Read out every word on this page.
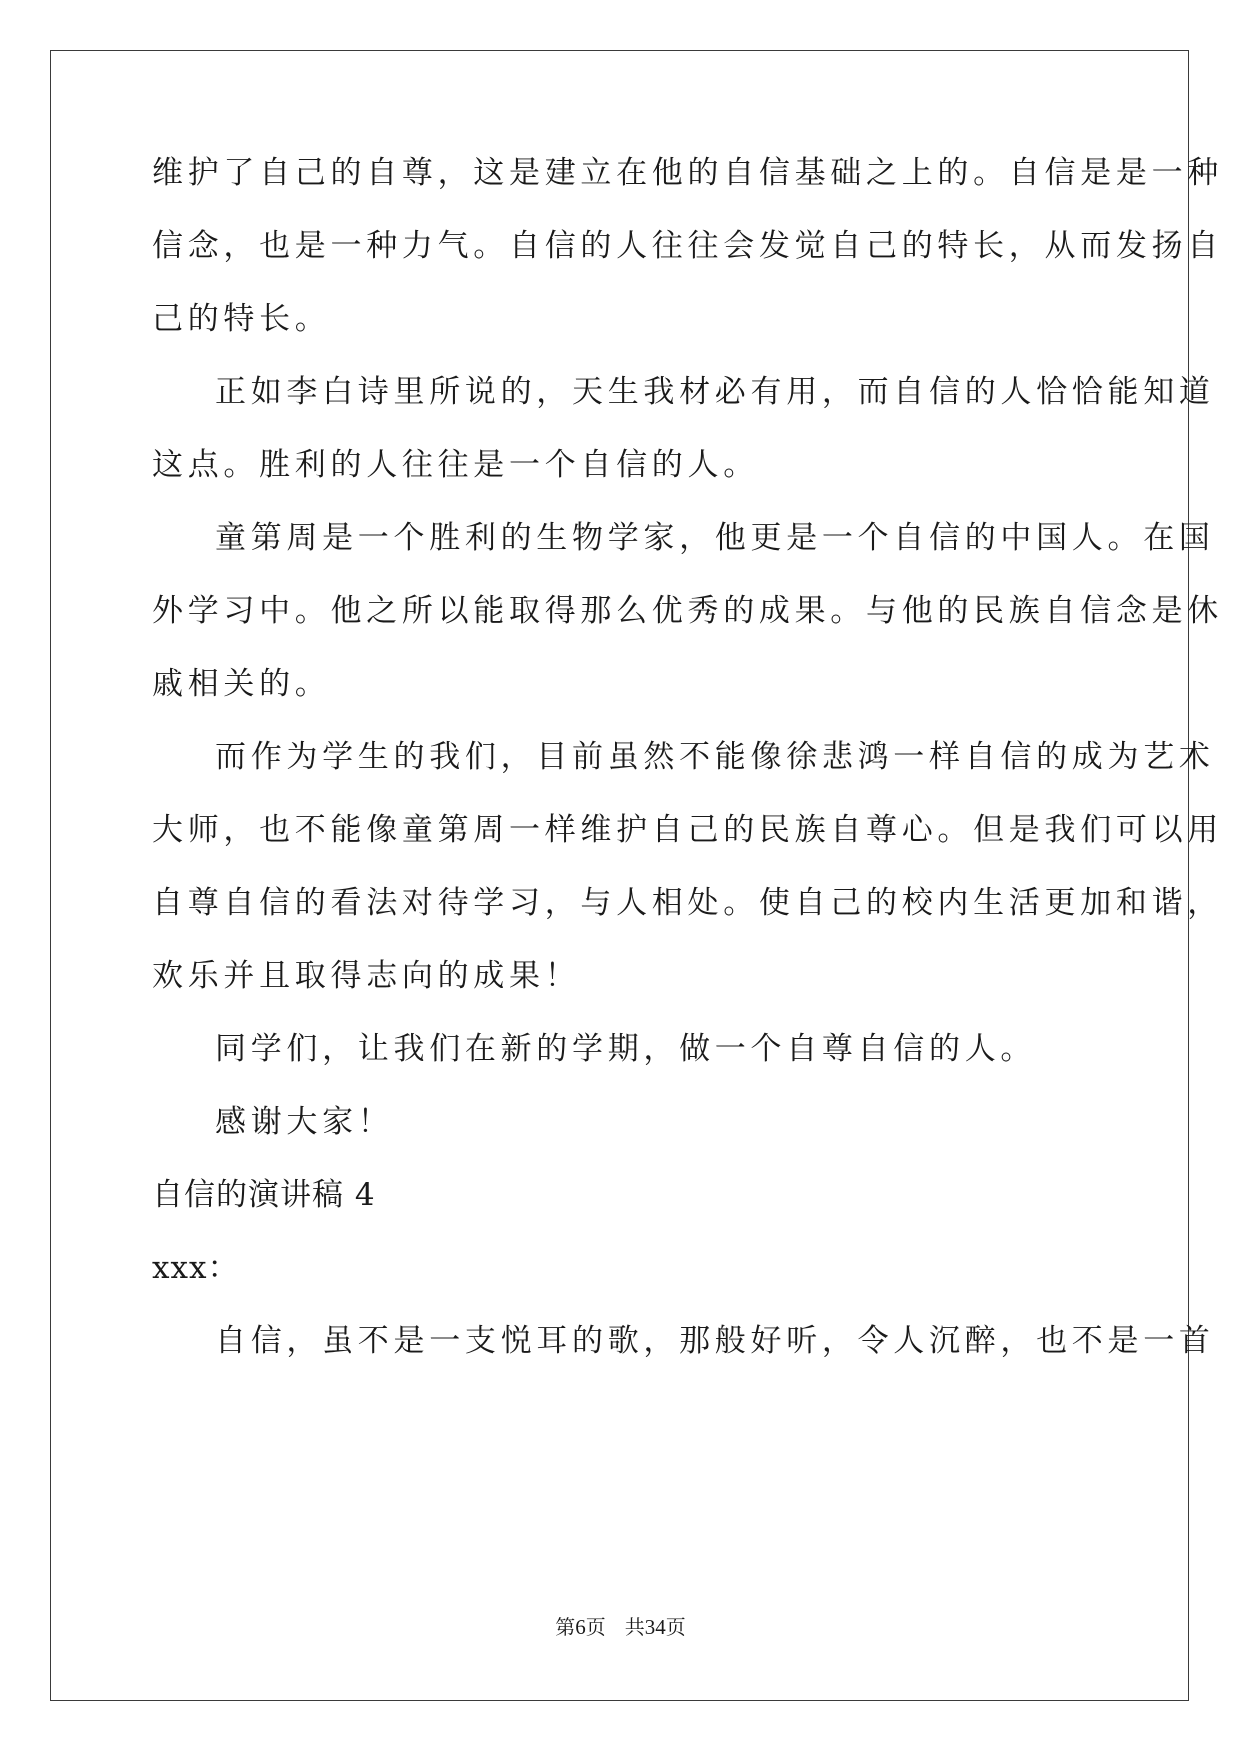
维护了自己的自尊，这是建立在他的自信基础之上的。自信是是一种
信念，也是一种力气。自信的人往往会发觉自己的特长，从而发扬自
己的特长。
正如李白诗里所说的，天生我材必有用，而自信的人恰恰能知道
这点。胜利的人往往是一个自信的人。
童第周是一个胜利的生物学家，他更是一个自信的中国人。在国
外学习中。他之所以能取得那么优秀的成果。与他的民族自信念是休
戚相关的。
而作为学生的我们，目前虽然不能像徐悲鸿一样自信的成为艺术
大师，也不能像童第周一样维护自己的民族自尊心。但是我们可以用
自尊自信的看法对待学习，与人相处。使自己的校内生活更加和谐，
欢乐并且取得志向的成果！
同学们，让我们在新的学期，做一个自尊自信的人。
感谢大家！
自信的演讲稿 4
xxx：
自信，虽不是一支悦耳的歌，那般好听，令人沉醉，也不是一首
第6页 共34页
